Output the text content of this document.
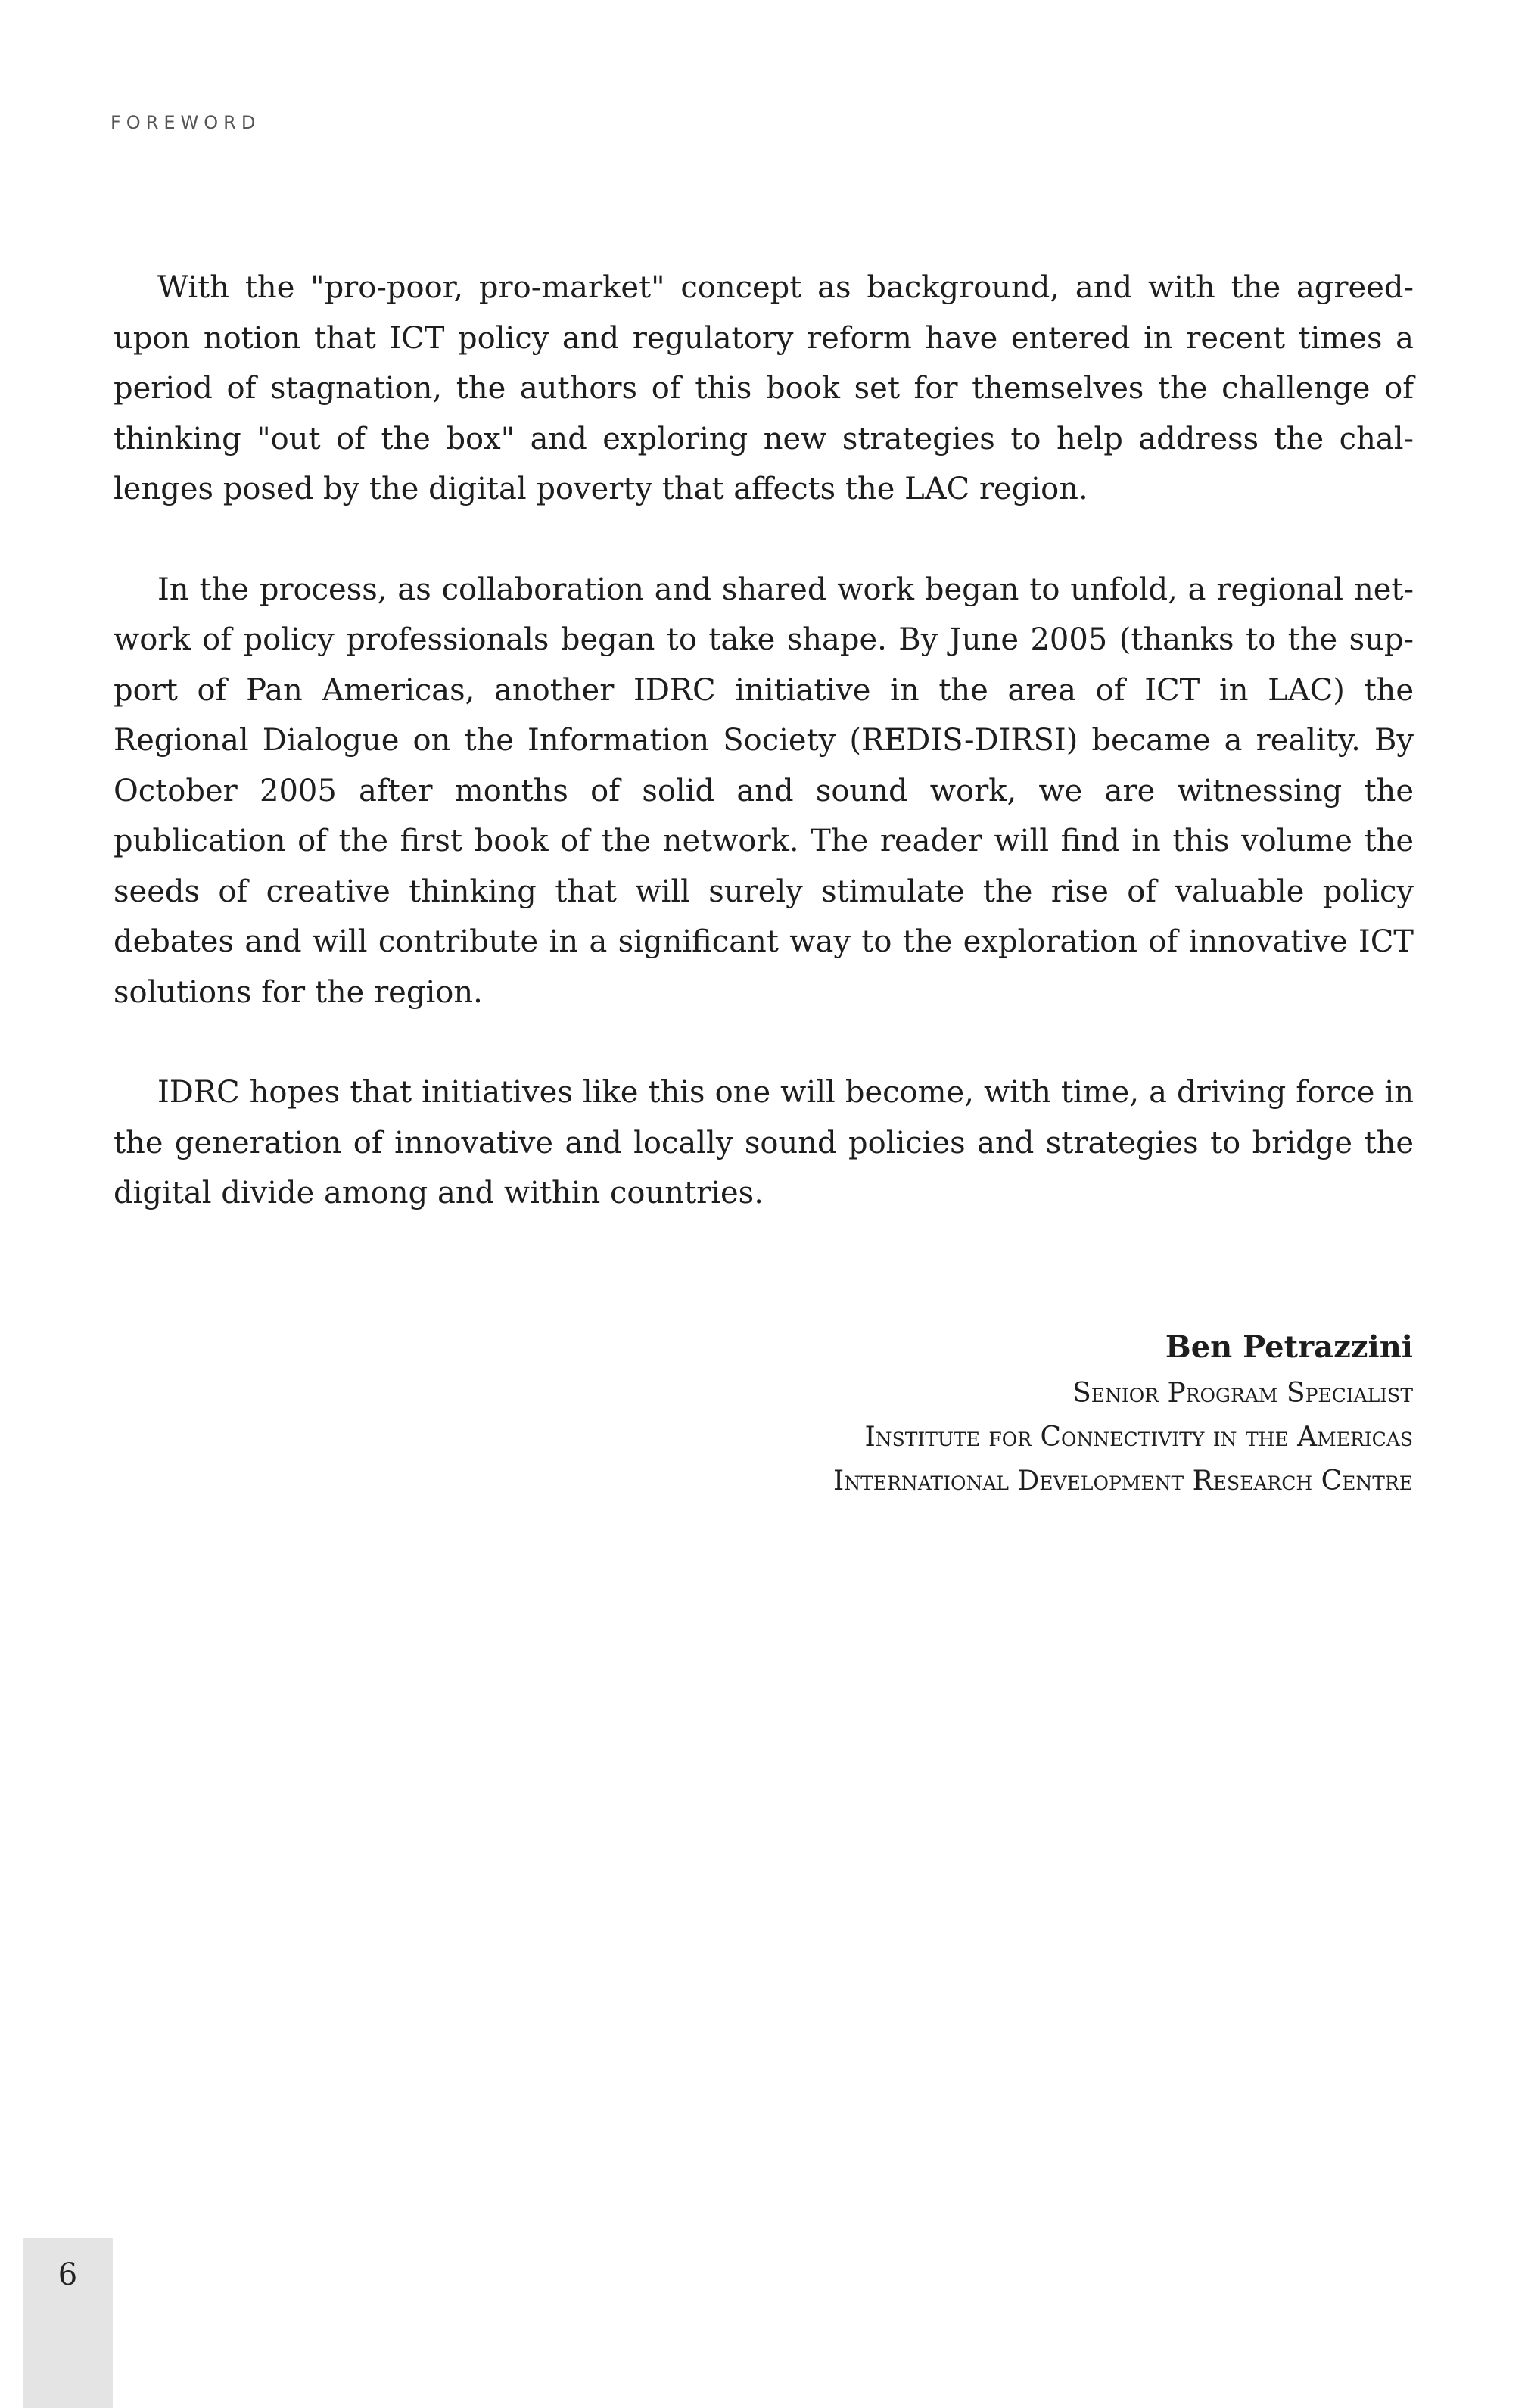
FOREWORD

With the "pro-poor, pro-market" concept as background, and with the agreed-upon notion that ICT policy and regulatory reform have entered in recent times a period of stagnation, the authors of this book set for themselves the challenge of thinking "out of the box" and exploring new strategies to help address the challenges posed by the digital poverty that affects the LAC region.

In the process, as collaboration and shared work began to unfold, a regional network of policy professionals began to take shape. By June 2005 (thanks to the support of Pan Americas, another IDRC initiative in the area of ICT in LAC) the Regional Dialogue on the Information Society (REDIS-DIRSI) became a reality. By October 2005 after months of solid and sound work, we are witnessing the publication of the first book of the network. The reader will find in this volume the seeds of creative thinking that will surely stimulate the rise of valuable policy debates and will contribute in a significant way to the exploration of innovative ICT solutions for the region.

IDRC hopes that initiatives like this one will become, with time, a driving force in the generation of innovative and locally sound policies and strategies to bridge the digital divide among and within countries.

Ben Petrazzini
Senior Program Specialist
Institute for Connectivity in the Americas
International Development Research Centre
6
